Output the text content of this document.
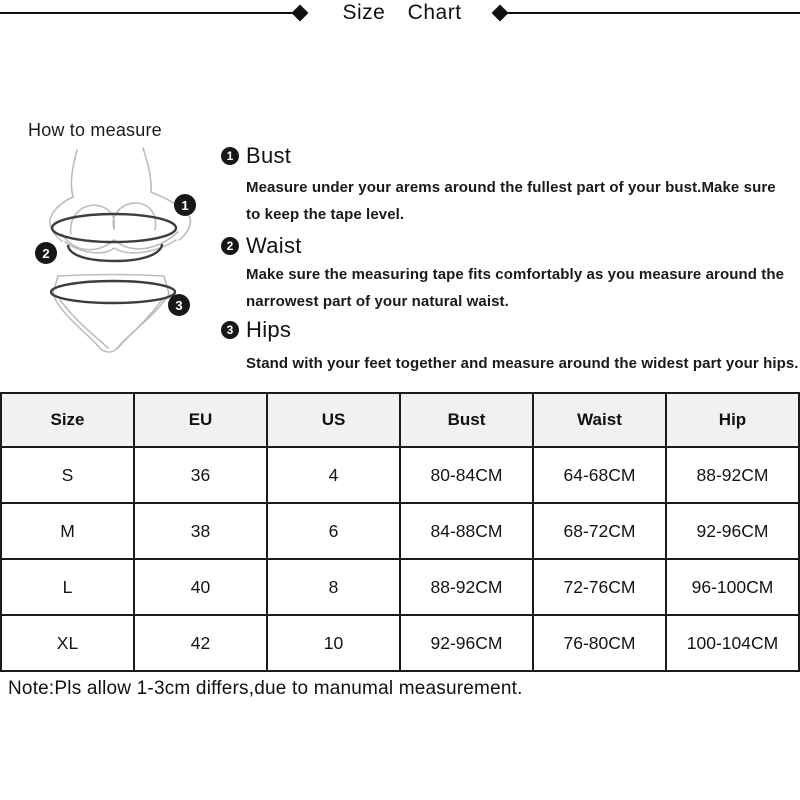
Size Chart
How to measure
1
2
3
1 Bust
Measure under your arems around the fullest part of your bust.Make sure
to keep the tape level.
2 Waist
Make sure the measuring tape fits comfortably as you measure around the
narrowest part of your natural waist.
3 Hips
Stand with your feet together and measure around the widest part your hips.
Size	EU	US	Bust	Waist	Hip
S	36	4	80-84CM	64-68CM	88-92CM
M	38	6	84-88CM	68-72CM	92-96CM
L	40	8	88-92CM	72-76CM	96-100CM
XL	42	10	92-96CM	76-80CM	100-104CM

Note:Pls allow 1-3cm differs,due to manumal measurement.
